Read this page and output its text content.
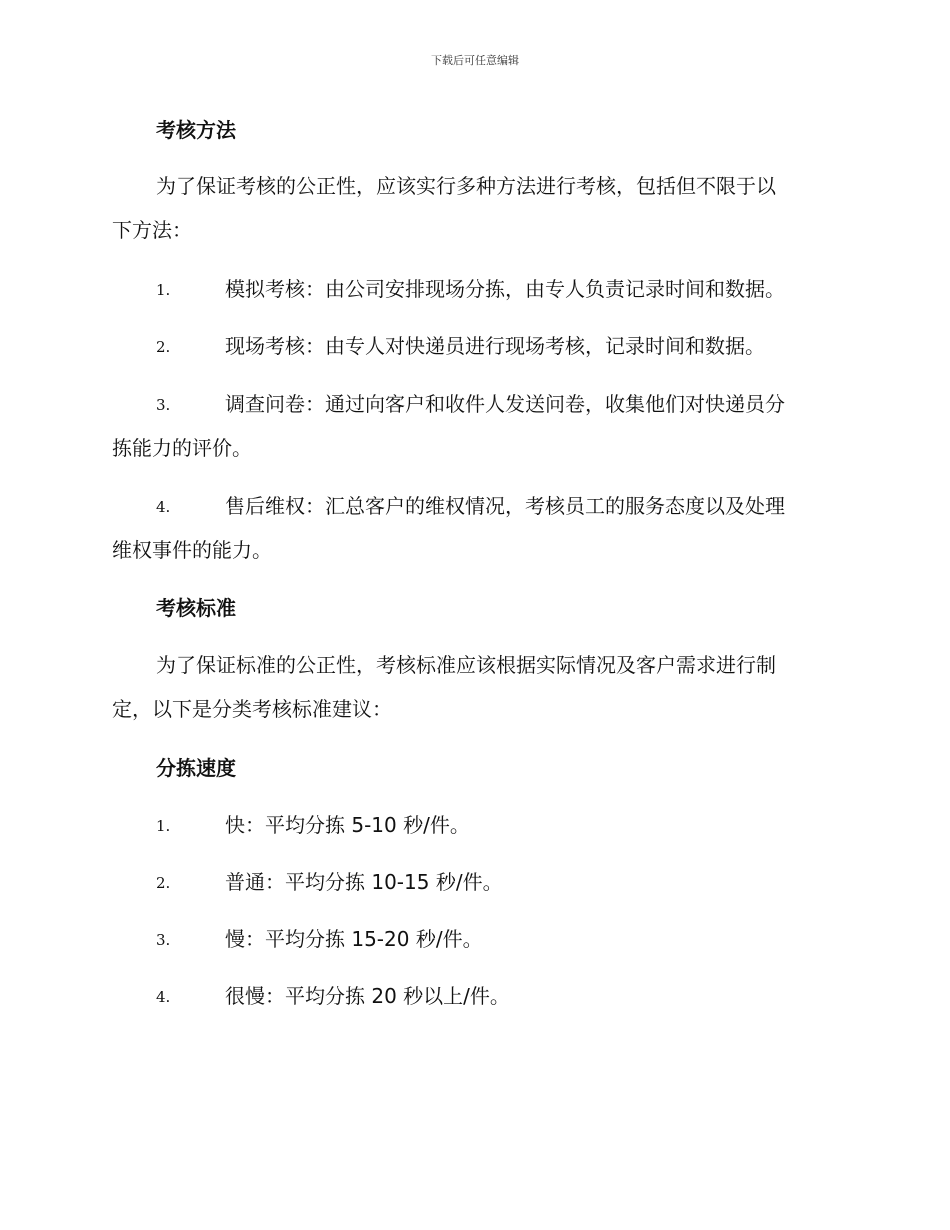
下载后可任意编辑
考核方法
为了保证考核的公正性，应该实行多种方法进行考核，包括但不限于以
下方法：
1.	模拟考核：由公司安排现场分拣，由专人负责记录时间和数据。
2.	现场考核：由专人对快递员进行现场考核，记录时间和数据。
3.	调查问卷：通过向客户和收件人发送问卷，收集他们对快递员分
拣能力的评价。
4.	售后维权：汇总客户的维权情况，考核员工的服务态度以及处理
维权事件的能力。
考核标准
为了保证标准的公正性，考核标准应该根据实际情况及客户需求进行制
定，以下是分类考核标准建议：
分拣速度
1.	快：平均分拣 5-10 秒/件。
2.	普通：平均分拣 10-15 秒/件。
3.	慢：平均分拣 15-20 秒/件。
4.	很慢：平均分拣 20 秒以上/件。
